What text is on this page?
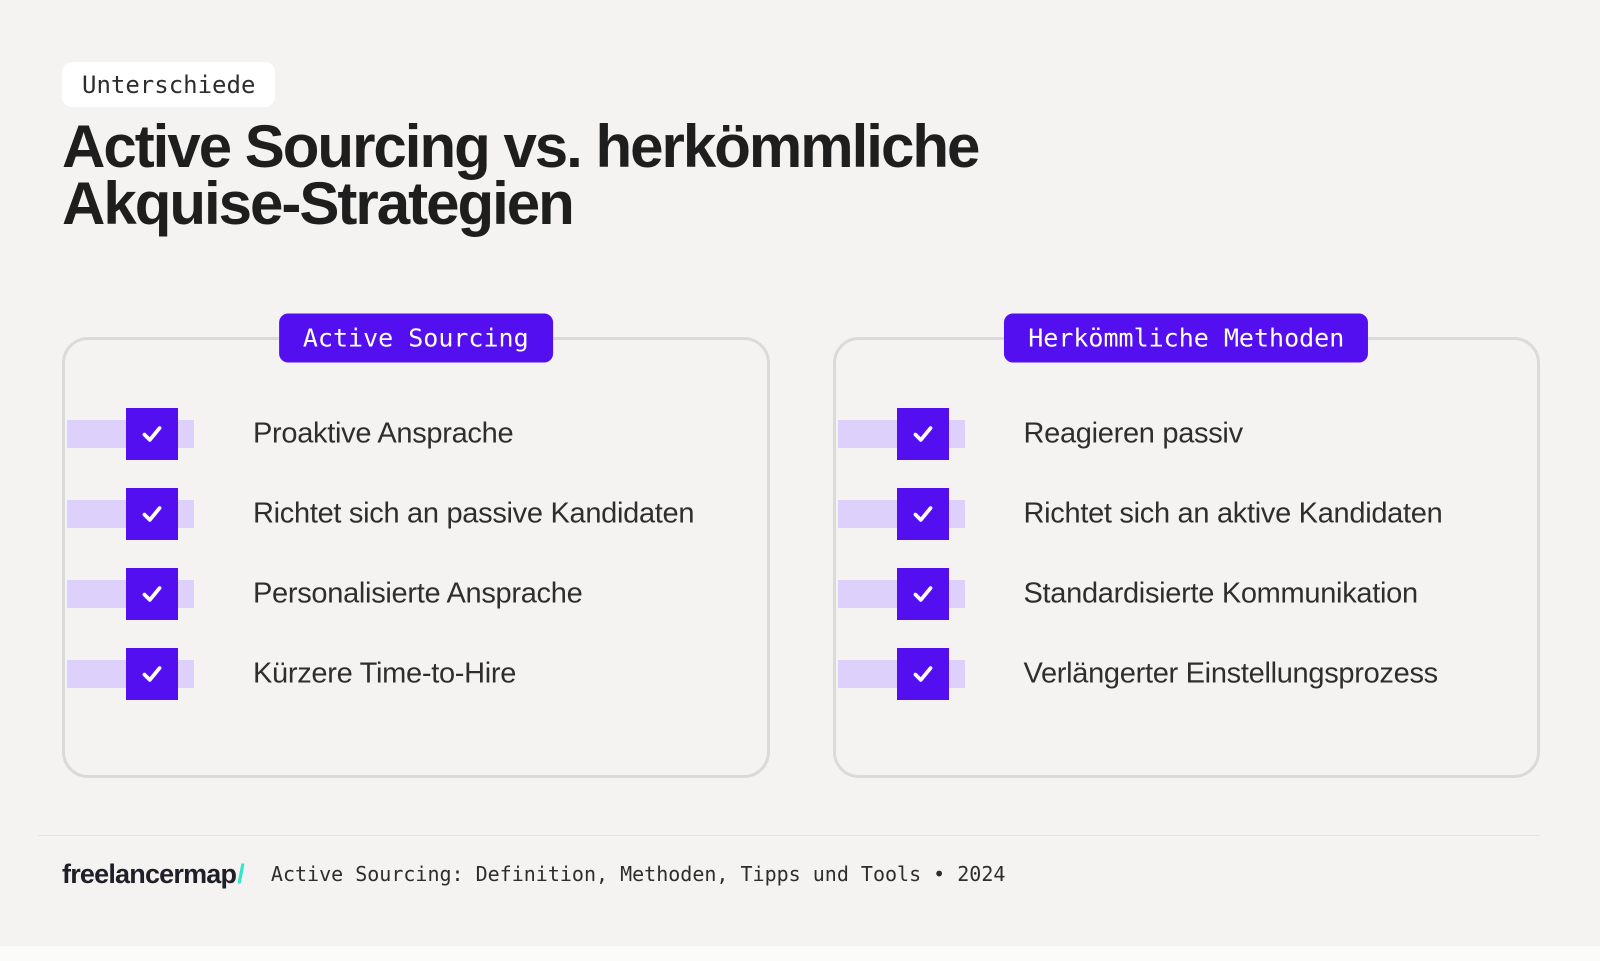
Unterschiede
Active Sourcing vs. herkömmliche
Akquise-Strategien
Active Sourcing
Proaktive Ansprache
Richtet sich an passive Kandidaten
Personalisierte Ansprache
Kürzere Time-to-Hire
Herkömmliche Methoden
Reagieren passiv
Richtet sich an aktive Kandidaten
Standardisierte Kommunikation
Verlängerter Einstellungsprozess
freelancermap / Active Sourcing: Definition, Methoden, Tipps und Tools • 2024
